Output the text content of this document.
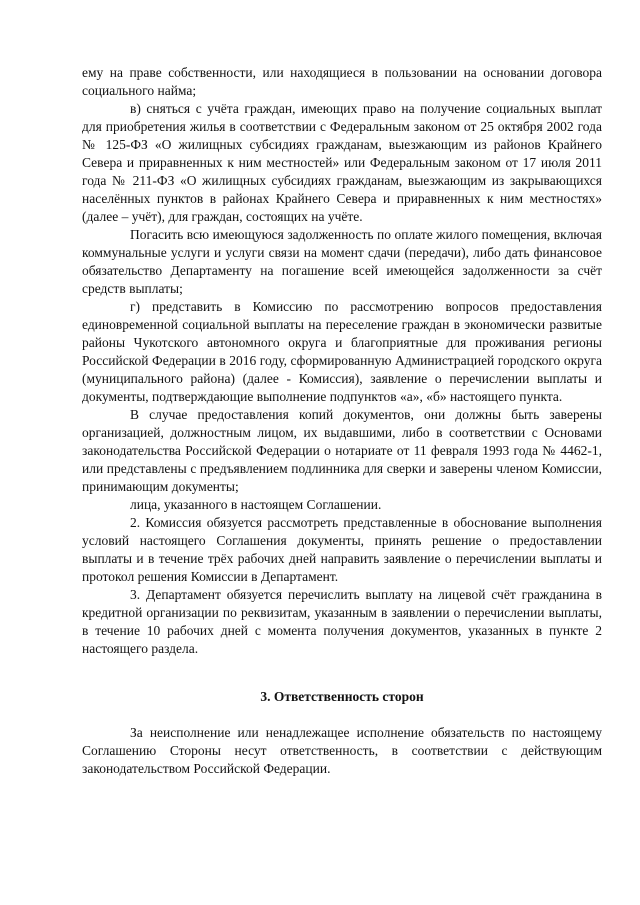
ему на праве собственности, или находящиеся в пользовании на основании договора социального найма;

в) сняться с учёта граждан, имеющих право на получение социальных выплат для приобретения жилья в соответствии с Федеральным законом от 25 октября 2002 года № 125-ФЗ «О жилищных субсидиях гражданам, выезжающим из районов Крайнего Севера и приравненных к ним местностей» или Федеральным законом от 17 июля 2011 года № 211-ФЗ «О жилищных субсидиях гражданам, выезжающим из закрывающихся населённых пунктов в районах Крайнего Севера и приравненных к ним местностях» (далее – учёт), для граждан, состоящих на учёте.

Погасить всю имеющуюся задолженность по оплате жилого помещения, включая коммунальные услуги и услуги связи на момент сдачи (передачи), либо дать финансовое обязательство Департаменту на погашение всей имеющейся задолженности за счёт средств выплаты;

г) представить в Комиссию по рассмотрению вопросов предоставления единовременной социальной выплаты на переселение граждан в экономически развитые районы Чукотского автономного округа и благоприятные для проживания регионы Российской Федерации в 2016 году, сформированную Администрацией городского округа (муниципального района) (далее - Комиссия), заявление о перечислении выплаты и документы, подтверждающие выполнение подпунктов «а», «б» настоящего пункта.

В случае предоставления копий документов, они должны быть заверены организацией, должностным лицом, их выдавшими, либо в соответствии с Основами законодательства Российской Федерации о нотариате от 11 февраля 1993 года № 4462-1, или представлены с предъявлением подлинника для сверки и заверены членом Комиссии, принимающим документы;

лица, указанного в настоящем Соглашении.

2. Комиссия обязуется рассмотреть представленные в обоснование выполнения условий настоящего Соглашения документы, принять решение о предоставлении выплаты и в течение трёх рабочих дней направить заявление о перечислении выплаты и протокол решения Комиссии в Департамент.

3. Департамент обязуется перечислить выплату на лицевой счёт гражданина в кредитной организации по реквизитам, указанным в заявлении о перечислении выплаты, в течение 10 рабочих дней с момента получения документов, указанных в пункте 2 настоящего раздела.

3. Ответственность сторон

За неисполнение или ненадлежащее исполнение обязательств по настоящему Соглашению Стороны несут ответственность, в соответствии с действующим законодательством Российской Федерации.
